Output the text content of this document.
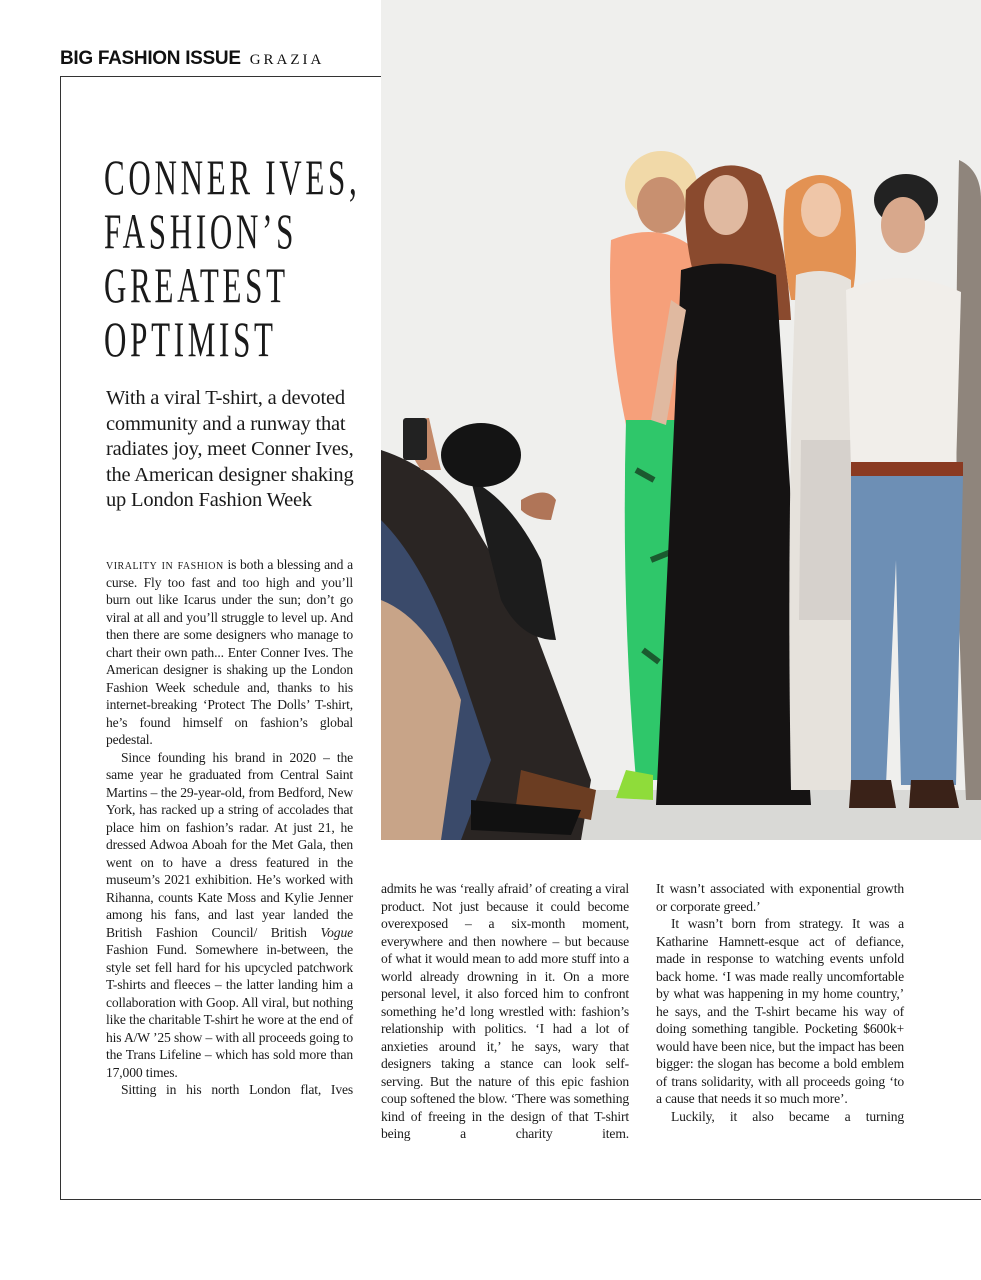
BIG FASHION ISSUE GRAZIA
CONNER IVES,
FASHION’S
GREATEST
OPTIMIST

With a viral T-shirt, a devoted community and a runway that radiates joy, meet Conner Ives, the American designer shaking up London Fashion Week

virality in fashion is both a blessing and a curse. Fly too fast and too high and you’ll burn out like Icarus under the sun; don’t go viral at all and you’ll struggle to level up. And then there are some designers who manage to chart their own path... Enter Conner Ives. The American designer is shaking up the London Fashion Week schedule and, thanks to his internet-breaking ‘Protect The Dolls’ T-shirt, he’s found himself on fashion’s global pedestal.

Since founding his brand in 2020 – the same year he graduated from Central Saint Martins – the 29-year-old, from Bedford, New York, has racked up a string of accolades that place him on fashion’s radar. At just 21, he dressed Adwoa Aboah for the Met Gala, then went on to have a dress featured in the museum’s 2021 exhibition. He’s worked with Rihanna, counts Kate Moss and Kylie Jenner among his fans, and last year landed the British Fashion Council/ British Vogue Fashion Fund. Somewhere in-between, the style set fell hard for his upcycled patchwork T-shirts and fleeces – the latter landing him a collaboration with Goop. All viral, but nothing like the charitable T-shirt he wore at the end of his A/W ’25 show – with all proceeds going to the Trans Lifeline – which has sold more than 17,000 times.

Sitting in his north London flat, Ives

admits he was ‘really afraid’ of creating a viral product. Not just because it could become overexposed – a six-month moment, everywhere and then nowhere – but because of what it would mean to add more stuff into a world already drowning in it. On a more personal level, it also forced him to confront something he’d long wrestled with: fashion’s relationship with politics. ‘I had a lot of anxieties around it,’ he says, wary that designers taking a stance can look self-serving. But the nature of this epic fashion coup softened the blow. ‘There was something kind of freeing in the design of that T-shirt being a charity item.

It wasn’t associated with exponential growth or corporate greed.’

It wasn’t born from strategy. It was a Katharine Hamnett-esque act of defiance, made in response to watching events unfold back home. ‘I was made really uncomfortable by what was happening in my home country,’ he says, and the T-shirt became his way of doing something tangible. Pocketing $600k+ would have been nice, but the impact has been bigger: the slogan has become a bold emblem of trans solidarity, with all proceeds going ‘to a cause that needs it so much more’.

Luckily, it also became a turning
